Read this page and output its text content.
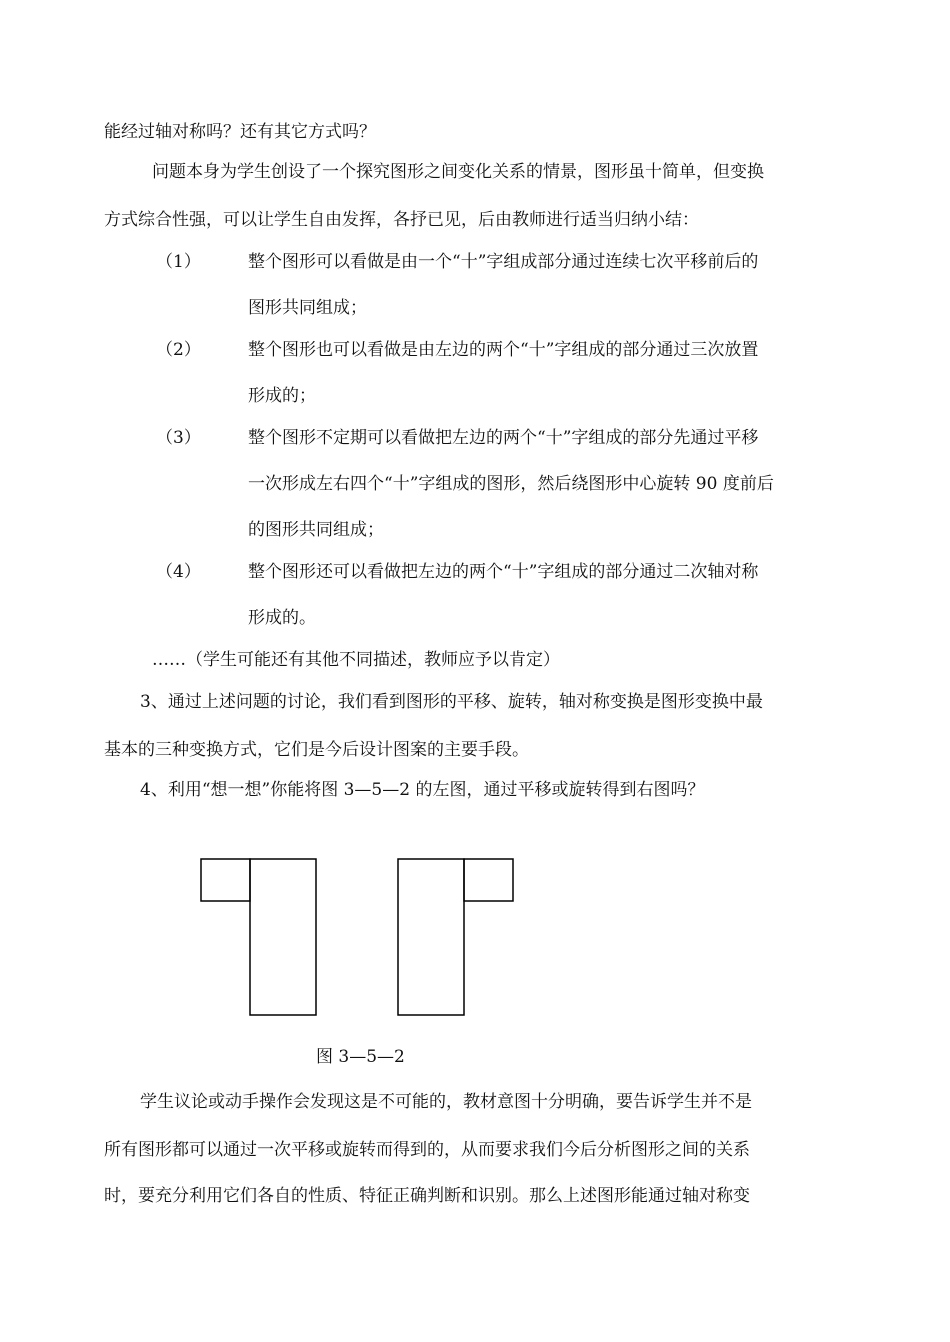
能经过轴对称吗？还有其它方式吗？
问题本身为学生创设了一个探究图形之间变化关系的情景，图形虽十简单，但变换
方式综合性强，可以让学生自由发挥，各抒已见，后由教师进行适当归纳小结：
（1）	整个图形可以看做是由一个“十”字组成部分通过连续七次平移前后的
图形共同组成；
（2）	整个图形也可以看做是由左边的两个“十”字组成的部分通过三次放置
形成的；
（3）	整个图形不定期可以看做把左边的两个“十”字组成的部分先通过平移
一次形成左右四个“十”字组成的图形，然后绕图形中心旋转 90 度前后
的图形共同组成；
（4）	整个图形还可以看做把左边的两个“十”字组成的部分通过二次轴对称
形成的。
……（学生可能还有其他不同描述，教师应予以肯定）
3、通过上述问题的讨论，我们看到图形的平移、旋转，轴对称变换是图形变换中最
基本的三种变换方式，它们是今后设计图案的主要手段。
4、利用“想一想”你能将图 3—5—2 的左图，通过平移或旋转得到右图吗？
图 3—5—2
学生议论或动手操作会发现这是不可能的，教材意图十分明确，要告诉学生并不是
所有图形都可以通过一次平移或旋转而得到的，从而要求我们今后分析图形之间的关系
时，要充分利用它们各自的性质、特征正确判断和识别。那么上述图形能通过轴对称变
